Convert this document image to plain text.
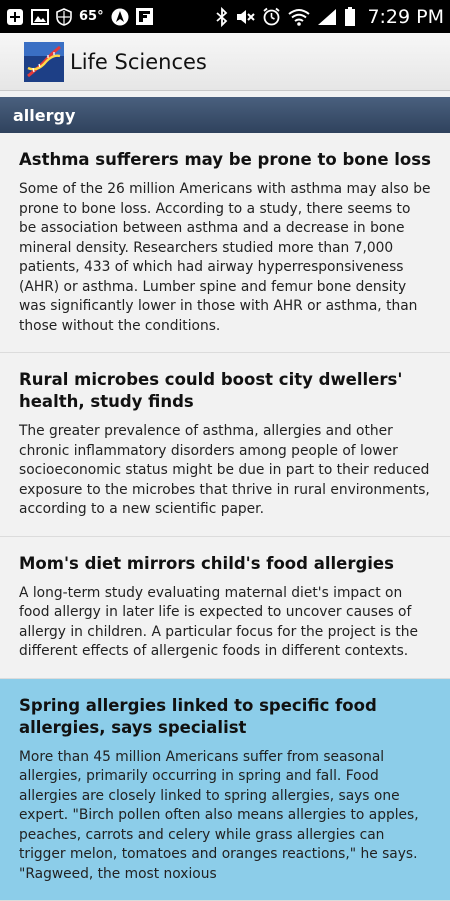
65°	7:29 PM
Life Sciences
allergy
Asthma sufferers may be prone to bone loss

Some of the 26 million Americans with asthma may also be prone to bone loss. According to a study, there seems to be association between asthma and a decrease in bone mineral density. Researchers studied more than 7,000 patients, 433 of which had airway hyperresponsiveness (AHR) or asthma. Lumber spine and femur bone density was significantly lower in those with AHR or asthma, than those without the conditions.

Rural microbes could boost city dwellers' health, study finds

The greater prevalence of asthma, allergies and other chronic inflammatory disorders among people of lower socioeconomic status might be due in part to their reduced exposure to the microbes that thrive in rural environments, according to a new scientific paper.

Mom's diet mirrors child's food allergies

A long-term study evaluating maternal diet's impact on food allergy in later life is expected to uncover causes of allergy in children. A particular focus for the project is the different effects of allergenic foods in different contexts.

Spring allergies linked to specific food allergies, says specialist

More than 45 million Americans suffer from seasonal allergies, primarily occurring in spring and fall. Food allergies are closely linked to spring allergies, says one expert. "Birch pollen often also means allergies to apples, peaches, carrots and celery while grass allergies can trigger melon, tomatoes and oranges reactions," he says. "Ragweed, the most noxious
